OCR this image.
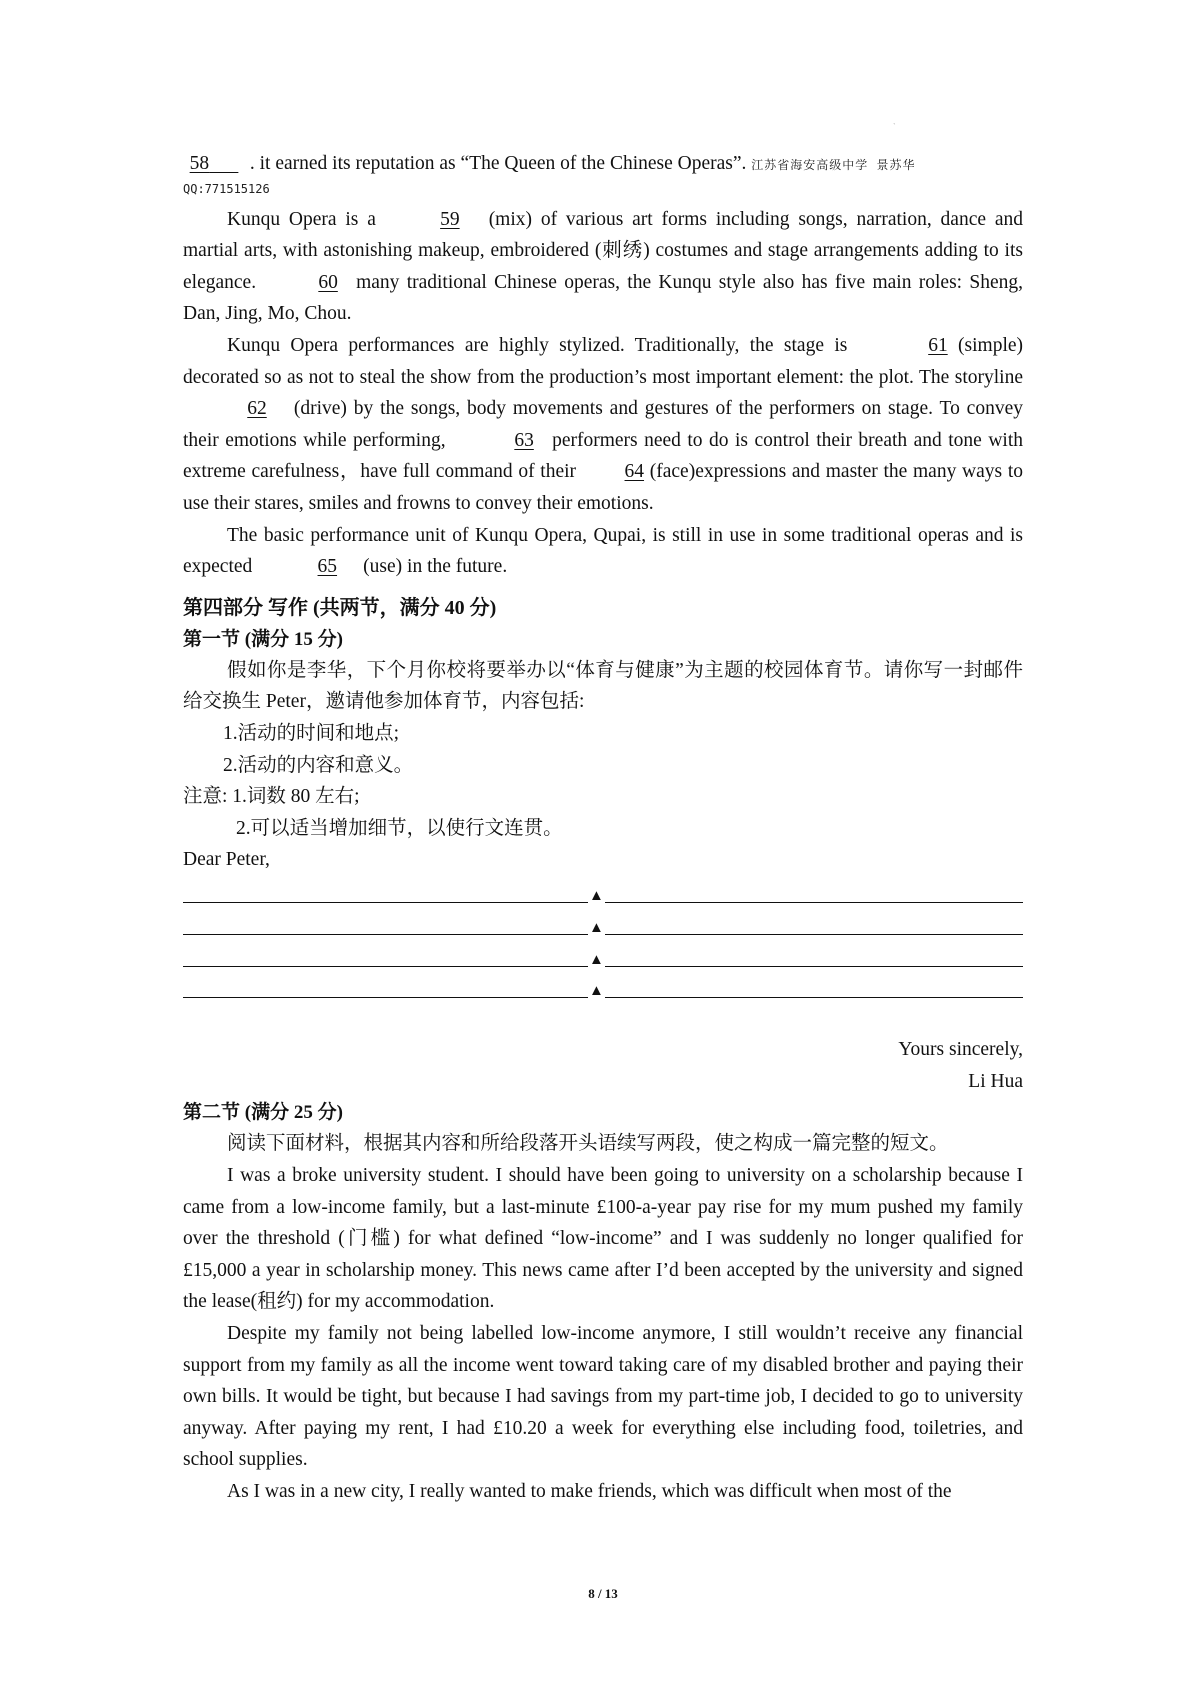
`

58 . it earned its reputation as “The Queen of the Chinese Operas”. 江苏省海安高级中学 景苏华

QQ:771515126

Kunqu Opera is a	59 (mix) of various art forms including songs, narration, dance and martial arts, with astonishing makeup, embroidered (刺绣) costumes and stage arrangements adding to its elegance.	60 many traditional Chinese operas, the Kunqu style also has five main roles: Sheng, Dan, Jing, Mo, Chou.

Kunqu Opera performances are highly stylized. Traditionally, the stage is	61 (simple) decorated so as not to steal the show from the production’s most important element: the plot. The storyline 62 (drive) by the songs, body movements and gestures of the performers on stage. To convey their emotions while performing,	63 performers need to do is control their breath and tone with extreme carefulness，have full command of their 64 (face)expressions and master the many ways to use their stares, smiles and frowns to convey their emotions.

The basic performance unit of Kunqu Opera, Qupai, is still in use in some traditional operas and is expected	65 (use) in the future.

第四部分 写作 (共两节，满分 40 分)

第一节 (满分 15 分)

假如你是李华，下个月你校将要举办以“体育与健康”为主题的校园体育节。请你写一封邮件给交换生 Peter，邀请他参加体育节，内容包括:

1.活动的时间和地点;

2.活动的内容和意义。

注意: 1.词数 80 左右;

2.可以适当增加细节，以使行文连贯。

Dear Peter,

▲
▲
▲
▲

Yours sincerely,

Li Hua

第二节 (满分 25 分)

阅读下面材料，根据其内容和所给段落开头语续写两段，使之构成一篇完整的短文。

I was a broke university student. I should have been going to university on a scholarship because I came from a low-income family, but a last-minute £100-a-year pay rise for my mum pushed my family over the threshold (门槛) for what defined “low-income” and I was suddenly no longer qualified for £15,000 a year in scholarship money. This news came after I’d been accepted by the university and signed the lease(租约) for my accommodation.

Despite my family not being labelled low-income anymore, I still wouldn’t receive any financial support from my family as all the income went toward taking care of my disabled brother and paying their own bills. It would be tight, but because I had savings from my part-time job, I decided to go to university anyway. After paying my rent, I had £10.20 a week for everything else including food, toiletries, and school supplies.

As I was in a new city, I really wanted to make friends, which was difficult when most of the

8 / 13
